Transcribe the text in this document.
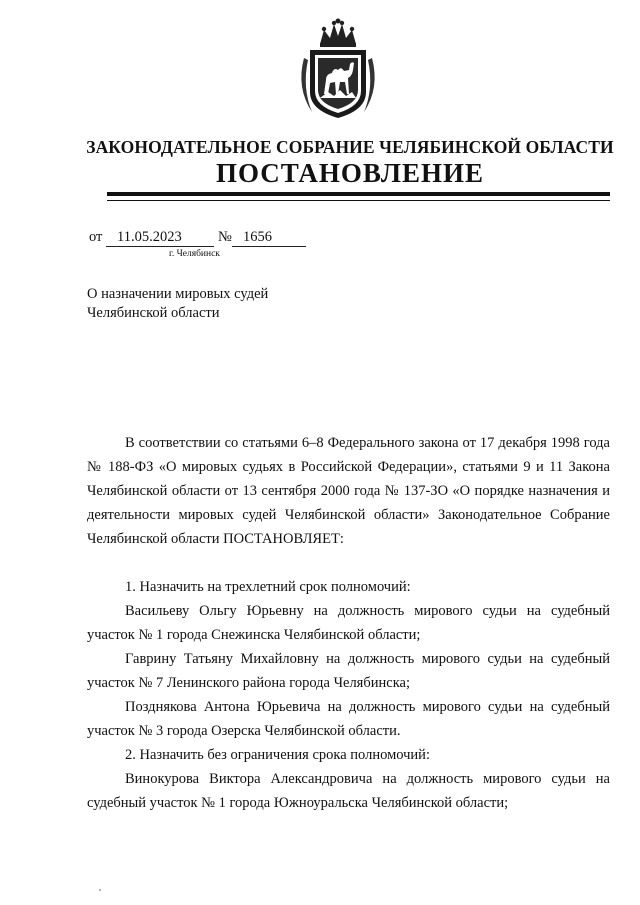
ЗАКОНОДАТЕЛЬНОЕ СОБРАНИЕ ЧЕЛЯБИНСКОЙ ОБЛАСТИ
ПОСТАНОВЛЕНИЕ
от 11.05.2023	№ 1656
г. Челябинск
О назначении мировых судей
Челябинской области

В соответствии со статьями 6–8 Федерального закона от 17 декабря 1998 года № 188-ФЗ «О мировых судьях в Российской Федерации», статьями 9 и 11 Закона Челябинской области от 13 сентября 2000 года № 137-ЗО «О порядке назначения и деятельности мировых судей Челябинской области» Законодательное Собрание Челябинской области ПОСТАНОВЛЯЕТ:

1. Назначить на трехлетний срок полномочий:

Васильеву Ольгу Юрьевну на должность мирового судьи на судебный участок № 1 города Снежинска Челябинской области;

Гаврину Татьяну Михайловну на должность мирового судьи на судебный участок № 7 Ленинского района города Челябинска;

Позднякова Антона Юрьевича на должность мирового судьи на судебный участок № 3 города Озерска Челябинской области.

2. Назначить без ограничения срока полномочий:

Винокурова Виктора Александровича на должность мирового судьи на судебный участок № 1 города Южноуральска Челябинской области;
